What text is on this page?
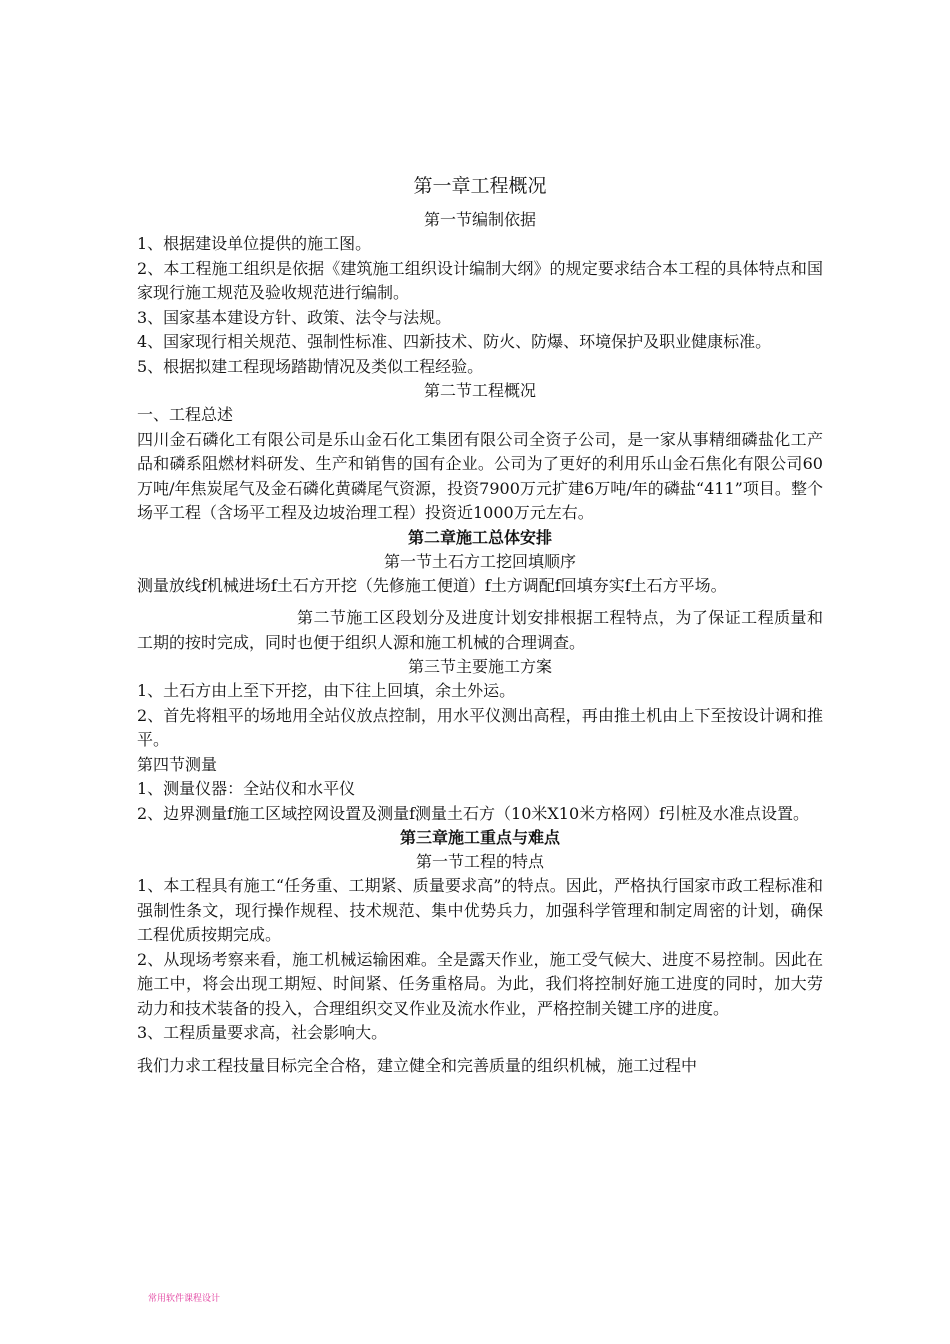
第一章工程概况
第一节编制依据

1、根据建设单位提供的施工图。

2、本工程施工组织是依据《建筑施工组织设计编制大纲》的规定要求结合本工程的具体特点和国家现行施工规范及验收规范进行编制。

3、国家基本建设方针、政策、法令与法规。

4、国家现行相关规范、强制性标准、四新技术、防火、防爆、环境保护及职业健康标准。

5、根据拟建工程现场踏勘情况及类似工程经验。

第二节工程概况

一、工程总述

四川金石磷化工有限公司是乐山金石化工集团有限公司全资子公司，是一家从事精细磷盐化工产品和磷系阻燃材料研发、生产和销售的国有企业。公司为了更好的利用乐山金石焦化有限公司60万吨/年焦炭尾气及金石磷化黄磷尾气资源，投资7900万元扩建6万吨/年的磷盐“411”项目。整个场平工程（含场平工程及边坡治理工程）投资近1000万元左右。

第二章施工总体安排
第一节土石方工挖回填顺序

测量放线f机械进场f土石方开挖（先修施工便道）f土方调配f回填夯实f土石方平场。

第二节施工区段划分及进度计划安排根据工程特点，为了保证工程质量和工期的按时完成，同时也便于组织人源和施工机械的合理调查。

第三节主要施工方案

1、土石方由上至下开挖，由下往上回填，余土外运。

2、首先将粗平的场地用全站仪放点控制，用水平仪测出高程，再由推土机由上下至按设计调和推平。

第四节测量

1、测量仪器：全站仪和水平仪

2、边界测量f施工区域控网设置及测量f测量土石方（10米X10米方格网）f引桩及水准点设置。

第三章施工重点与难点
第一节工程的特点

1、本工程具有施工“任务重、工期紧、质量要求高”的特点。因此，严格执行国家市政工程标准和强制性条文，现行操作规程、技术规范、集中优势兵力，加强科学管理和制定周密的计划，确保工程优质按期完成。

2、从现场考察来看，施工机械运输困难。全是露天作业，施工受气候大、进度不易控制。因此在施工中，将会出现工期短、时间紧、任务重格局。为此，我们将控制好施工进度的同时，加大劳动力和技术装备的投入，合理组织交叉作业及流水作业，严格控制关键工序的进度。

3、工程质量要求高，社会影响大。

我们力求工程技量目标完全合格，建立健全和完善质量的组织机械，施工过程中

常用软件课程设计
